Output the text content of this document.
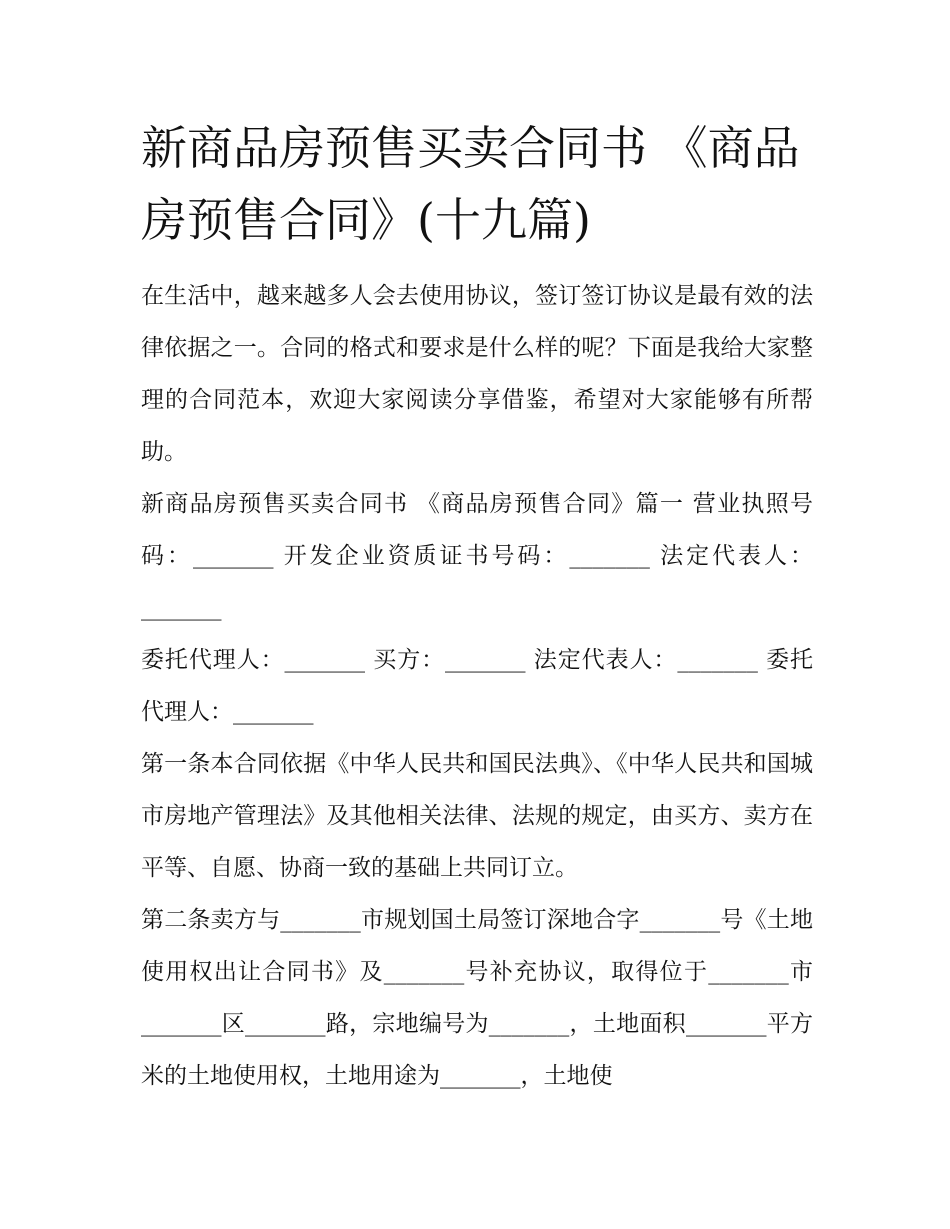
新商品房预售买卖合同书 《商品房预售合同》(十九篇)

在生活中，越来越多人会去使用协议，签订签订协议是最有效的法律依据之一。合同的格式和要求是什么样的呢？下面是我给大家整理的合同范本，欢迎大家阅读分享借鉴，希望对大家能够有所帮助。

新商品房预售买卖合同书 《商品房预售合同》篇一 营业执照号码：_______ 开发企业资质证书号码：_______ 法定代表人：_______

委托代理人：_______ 买方：_______ 法定代表人：_______ 委托代理人：_______

第一条本合同依据《中华人民共和国民法典》、《中华人民共和国城市房地产管理法》及其他相关法律、法规的规定，由买方、卖方在平等、自愿、协商一致的基础上共同订立。

第二条卖方与_______市规划国土局签订深地合字_______号《土地使用权出让合同书》及_______号补充协议，取得位于_______市_______区_______路，宗地编号为_______，土地面积_______平方米的土地使用权，土地用途为_______，土地使
